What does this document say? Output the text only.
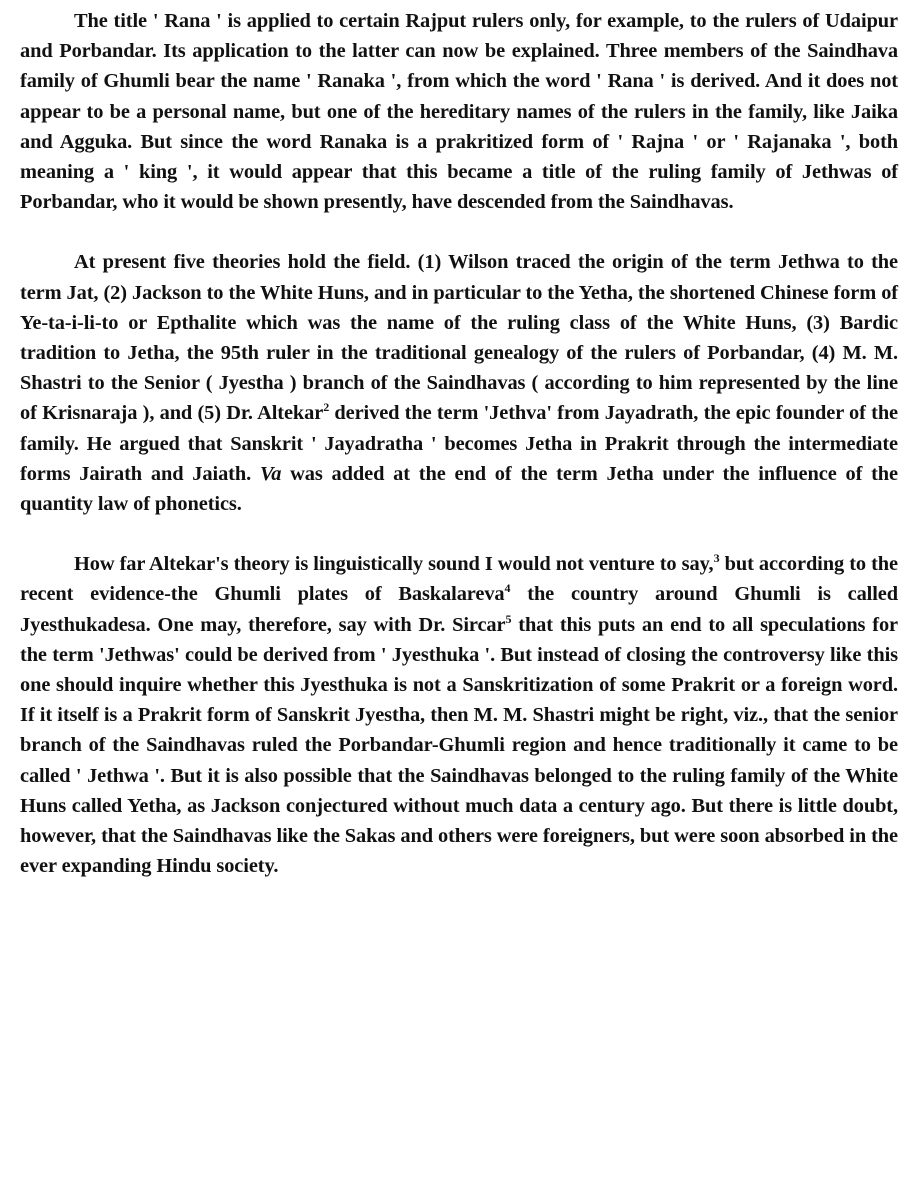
The title ' Rana ' is applied to certain Rajput rulers only, for example, to the rulers of Udaipur and Porbandar. Its application to the latter can now be explained. Three members of the Saindhava family of Ghumli bear the name ' Ranaka ', from which the word ' Rana ' is derived. And it does not appear to be a personal name, but one of the hereditary names of the rulers in the family, like Jaika and Agguka. But since the word Ranaka is a prakritized form of ' Rajna ' or ' Rajanaka ', both meaning a ' king ', it would appear that this became a title of the ruling family of Jethwas of Porbandar, who it would be shown presently, have descended from the Saindhavas.

At present five theories hold the field. (1) Wilson traced the origin of the term Jethwa to the term Jat, (2) Jackson to the White Huns, and in particular to the Yetha, the shortened Chinese form of Ye-ta-i-li-to or Epthalite which was the name of the ruling class of the White Huns, (3) Bardic tradition to Jetha, the 95th ruler in the traditional genealogy of the rulers of Porbandar, (4) M. M. Shastri to the Senior ( Jyestha ) branch of the Saindhavas ( according to him represented by the line of Krisnaraja ), and (5) Dr. Altekar$^2$ derived the term 'Jethva' from Jayadrath, the epic founder of the family. He argued that Sanskrit ' Jayadratha ' becomes Jetha in Prakrit through the intermediate forms Jairath and Jaiath. Va was added at the end of the term Jetha under the influence of the quantity law of phonetics.

How far Altekar's theory is linguistically sound I would not venture to say,$^3$ but according to the recent evidence-the Ghumli plates of Baskalareva$^4$ the country around Ghumli is called Jyesthukadesa. One may, therefore, say with Dr. Sircar$^5$ that this puts an end to all speculations for the term 'Jethwas' could be derived from ' Jyesthuka '. But instead of closing the controversy like this one should inquire whether this Jyesthuka is not a Sanskritization of some Prakrit or a foreign word. If it itself is a Prakrit form of Sanskrit Jyestha, then M. M. Shastri might be right, viz., that the senior branch of the Saindhavas ruled the Porbandar-Ghumli region and hence traditionally it came to be called ' Jethwa '. But it is also possible that the Saindhavas belonged to the ruling family of the White Huns called Yetha, as Jackson conjectured without much data a century ago. But there is little doubt, however, that the Saindhavas like the Sakas and others were foreigners, but were soon absorbed in the ever expanding Hindu society.
